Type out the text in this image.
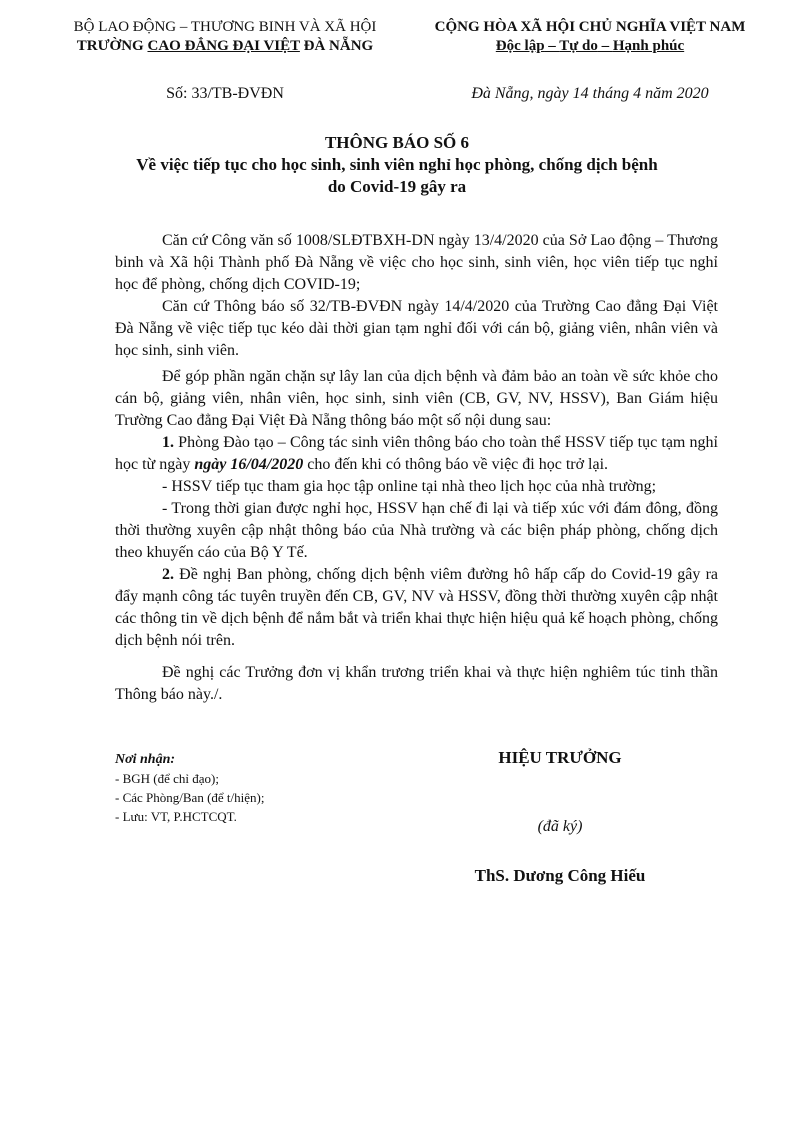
BỘ LAO ĐỘNG – THƯƠNG BINH VÀ XÃ HỘI
TRƯỜNG CAO ĐẲNG ĐẠI VIỆT ĐÀ NẴNG
CỘNG HÒA XÃ HỘI CHỦ NGHĨA VIỆT NAM
Độc lập – Tự do – Hạnh phúc
Số: 33/TB-ĐVĐN	Đà Nẵng, ngày 14 tháng 4 năm 2020
THÔNG BÁO SỐ 6
Về việc tiếp tục cho học sinh, sinh viên nghỉ học phòng, chống dịch bệnh
do Covid-19 gây ra

Căn cứ Công văn số 1008/SLĐTBXH-DN ngày 13/4/2020 của Sở Lao động – Thương binh và Xã hội Thành phố Đà Nẵng về việc cho học sinh, sinh viên, học viên tiếp tục nghỉ học để phòng, chống dịch COVID-19;

Căn cứ Thông báo số 32/TB-ĐVĐN ngày 14/4/2020 của Trường Cao đẳng Đại Việt Đà Nẵng về việc tiếp tục kéo dài thời gian tạm nghỉ đối với cán bộ, giảng viên, nhân viên và học sinh, sinh viên.

Để góp phần ngăn chặn sự lây lan của dịch bệnh và đảm bảo an toàn về sức khỏe cho cán bộ, giảng viên, nhân viên, học sinh, sinh viên (CB, GV, NV, HSSV), Ban Giám hiệu Trường Cao đẳng Đại Việt Đà Nẵng thông báo một số nội dung sau:

1. Phòng Đào tạo – Công tác sinh viên thông báo cho toàn thể HSSV tiếp tục tạm nghỉ học từ ngày ngày 16/04/2020 cho đến khi có thông báo về việc đi học trở lại.

- HSSV tiếp tục tham gia học tập online tại nhà theo lịch học của nhà trường;

- Trong thời gian được nghỉ học, HSSV hạn chế đi lại và tiếp xúc với đám đông, đồng thời thường xuyên cập nhật thông báo của Nhà trường và các biện pháp phòng, chống dịch theo khuyến cáo của Bộ Y Tế.

2. Đề nghị Ban phòng, chống dịch bệnh viêm đường hô hấp cấp do Covid-19 gây ra đẩy mạnh công tác tuyên truyền đến CB, GV, NV và HSSV, đồng thời thường xuyên cập nhật các thông tin về dịch bệnh để nắm bắt và triển khai thực hiện hiệu quả kế hoạch phòng, chống dịch bệnh nói trên.

Đề nghị các Trưởng đơn vị khẩn trương triển khai và thực hiện nghiêm túc tinh thần Thông báo này./.

Nơi nhận:
- BGH (để chỉ đạo);
- Các Phòng/Ban (để t/hiện);
- Lưu: VT, P.HCTCQT.
HIỆU TRƯỞNG
(đã ký)
ThS. Dương Công Hiếu
